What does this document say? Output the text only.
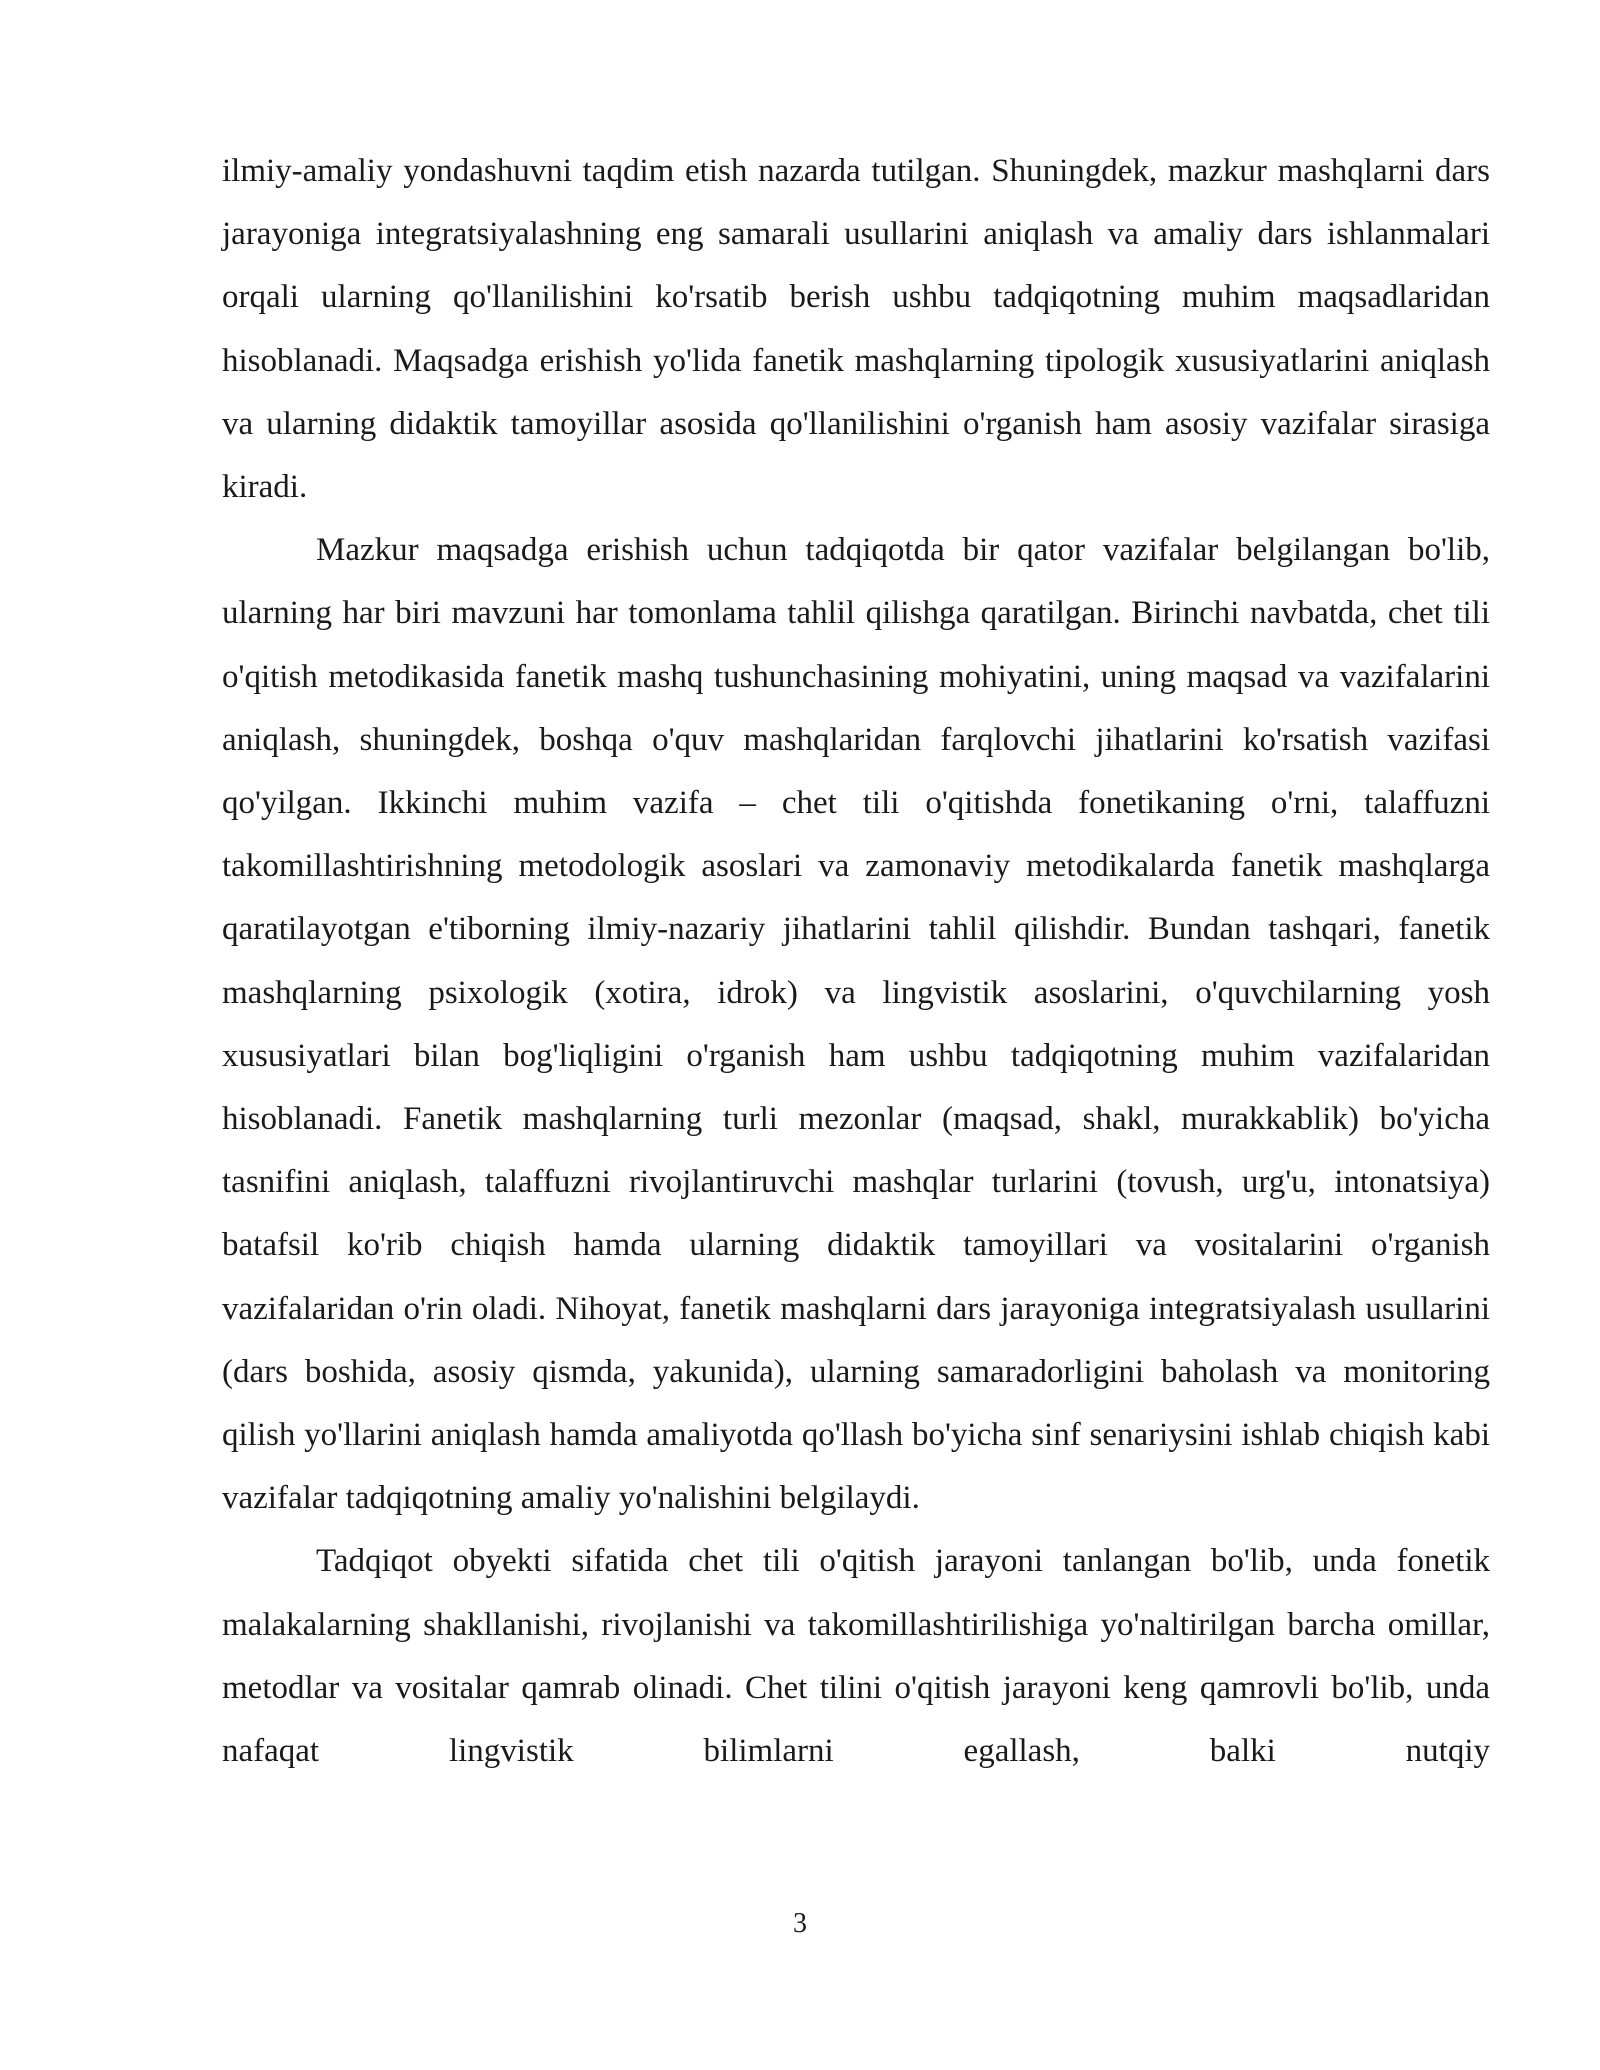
ilmiy-amaliy yondashuvni taqdim etish nazarda tutilgan. Shuningdek, mazkur mashqlarni dars jarayoniga integratsiyalashning eng samarali usullarini aniqlash va amaliy dars ishlanmalari orqali ularning qo'llanilishini ko'rsatib berish ushbu tadqiqotning muhim maqsadlaridan hisoblanadi. Maqsadga erishish yo'lida fanetik mashqlarning tipologik xususiyatlarini aniqlash va ularning didaktik tamoyillar asosida qo'llanilishini o'rganish ham asosiy vazifalar sirasiga kiradi.

Mazkur maqsadga erishish uchun tadqiqotda bir qator vazifalar belgilangan bo'lib, ularning har biri mavzuni har tomonlama tahlil qilishga qaratilgan. Birinchi navbatda, chet tili o'qitish metodikasida fanetik mashq tushunchasining mohiyatini, uning maqsad va vazifalarini aniqlash, shuningdek, boshqa o'quv mashqlaridan farqlovchi jihatlarini ko'rsatish vazifasi qo'yilgan. Ikkinchi muhim vazifa – chet tili o'qitishda fonetikaning o'rni, talaffuzni takomillashtirishning metodologik asoslari va zamonaviy metodikalarda fanetik mashqlarga qaratilayotgan e'tiborning ilmiy-nazariy jihatlarini tahlil qilishdir. Bundan tashqari, fanetik mashqlarning psixologik (xotira, idrok) va lingvistik asoslarini, o'quvchilarning yosh xususiyatlari bilan bog'liqligini o'rganish ham ushbu tadqiqotning muhim vazifalaridan hisoblanadi. Fanetik mashqlarning turli mezonlar (maqsad, shakl, murakkablik) bo'yicha tasnifini aniqlash, talaffuzni rivojlantiruvchi mashqlar turlarini (tovush, urg'u, intonatsiya) batafsil ko'rib chiqish hamda ularning didaktik tamoyillari va vositalarini o'rganish vazifalaridan o'rin oladi. Nihoyat, fanetik mashqlarni dars jarayoniga integratsiyalash usullarini (dars boshida, asosiy qismda, yakunida), ularning samaradorligini baholash va monitoring qilish yo'llarini aniqlash hamda amaliyotda qo'llash bo'yicha sinf senariysini ishlab chiqish kabi vazifalar tadqiqotning amaliy yo'nalishini belgilaydi.

Tadqiqot obyekti sifatida chet tili o'qitish jarayoni tanlangan bo'lib, unda fonetik malakalarning shakllanishi, rivojlanishi va takomillashtirilishiga yo'naltirilgan barcha omillar, metodlar va vositalar qamrab olinadi. Chet tilini o'qitish jarayoni keng qamrovli bo'lib, unda nafaqat lingvistik bilimlarni egallash, balki nutqiy

3
